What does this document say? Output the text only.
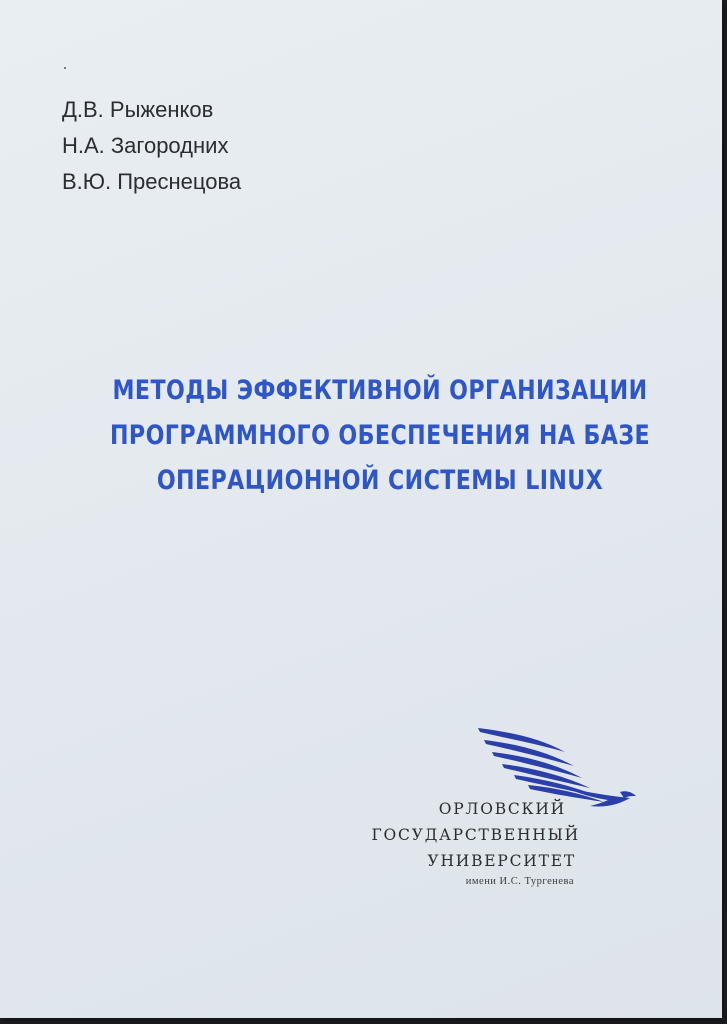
Д.В. Рыженков
Н.А. Загородних
В.Ю. Преснецова
МЕТОДЫ ЭФФЕКТИВНОЙ ОРГАНИЗАЦИИ
ПРОГРАММНОГО ОБЕСПЕЧЕНИЯ НА БАЗЕ
ОПЕРАЦИОННОЙ СИСТЕМЫ LINUX
ОРЛОВСКИЙ
ГОСУДАРСТВЕННЫЙ
УНИВЕРСИТЕТ
имени И.С. Тургенева
